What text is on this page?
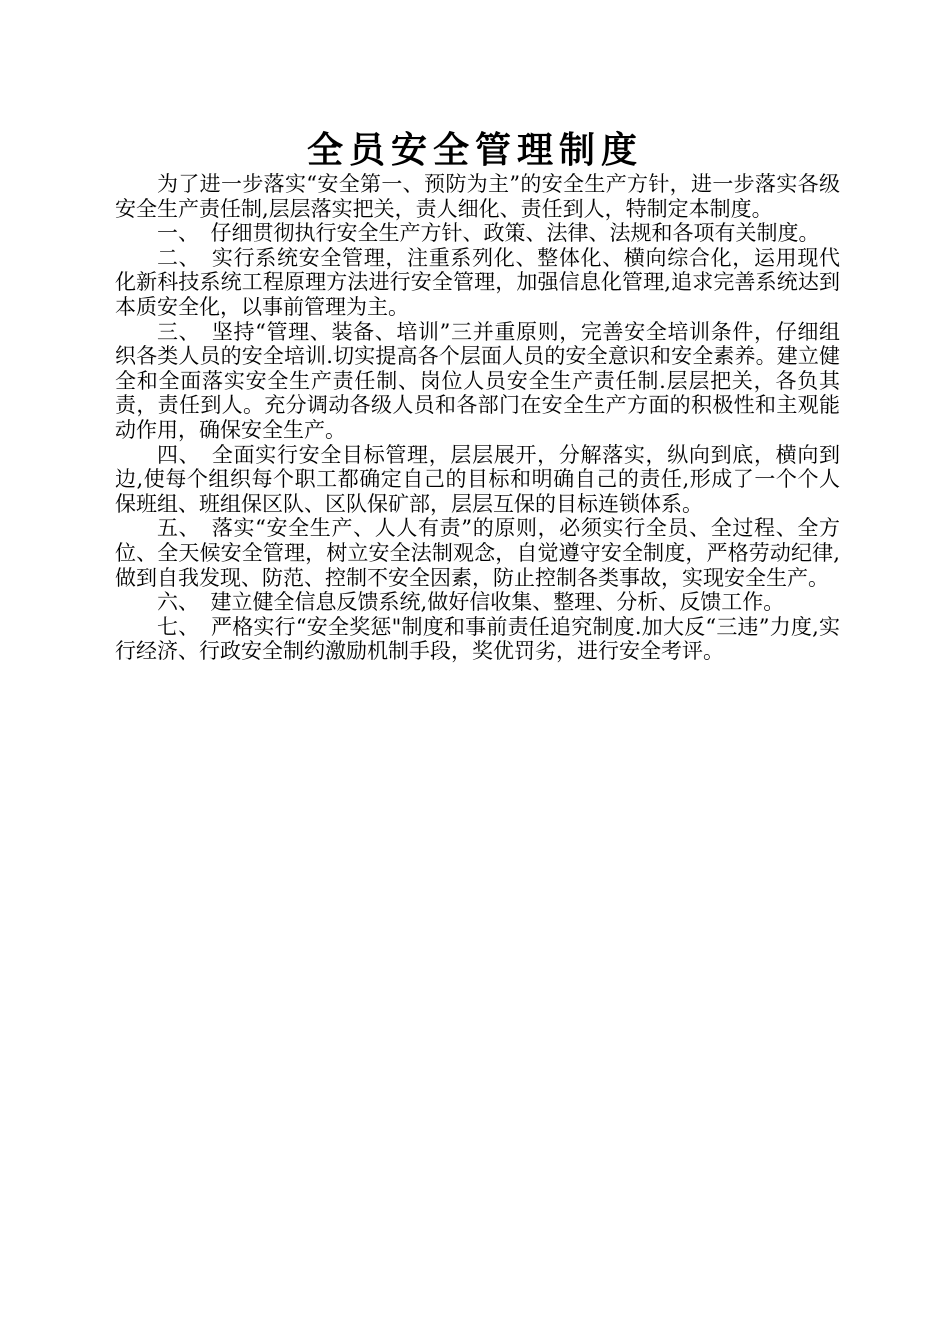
全员安全管理制度

为了进一步落实“安全第一、预防为主”的安全生产方针，进一步落实各级安全生产责任制,层层落实把关，责人细化、责任到人，特制定本制度。

一、 仔细贯彻执行安全生产方针、政策、法律、法规和各项有关制度。

二、 实行系统安全管理，注重系列化、整体化、横向综合化，运用现代化新科技系统工程原理方法进行安全管理，加强信息化管理,追求完善系统达到本质安全化，以事前管理为主。

三、 坚持“管理、装备、培训”三并重原则，完善安全培训条件，仔细组织各类人员的安全培训.切实提高各个层面人员的安全意识和安全素养。建立健全和全面落实安全生产责任制、岗位人员安全生产责任制.层层把关，各负其责，责任到人。充分调动各级人员和各部门在安全生产方面的积极性和主观能动作用，确保安全生产。

四、 全面实行安全目标管理，层层展开，分解落实，纵向到底，横向到边,使每个组织每个职工都确定自己的目标和明确自己的责任,形成了一个个人保班组、班组保区队、区队保矿部，层层互保的目标连锁体系。

五、 落实“安全生产、人人有责”的原则，必须实行全员、全过程、全方位、全天候安全管理，树立安全法制观念，自觉遵守安全制度，严格劳动纪律,做到自我发现、防范、控制不安全因素，防止控制各类事故，实现安全生产。

六、 建立健全信息反馈系统,做好信收集、整理、分析、反馈工作。

七、 严格实行“安全奖惩"制度和事前责任追究制度.加大反“三违”力度,实行经济、行政安全制约激励机制手段，奖优罚劣，进行安全考评。
